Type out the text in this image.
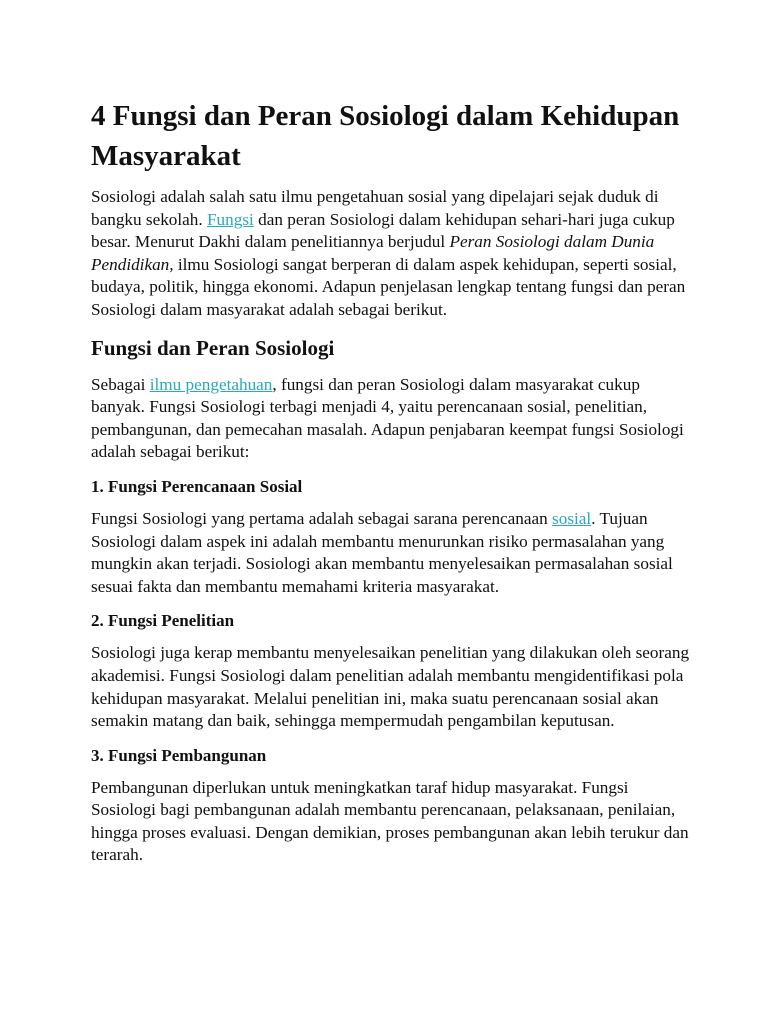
4 Fungsi dan Peran Sosiologi dalam Kehidupan Masyarakat

Sosiologi adalah salah satu ilmu pengetahuan sosial yang dipelajari sejak duduk di bangku sekolah. Fungsi dan peran Sosiologi dalam kehidupan sehari-hari juga cukup besar. Menurut Dakhi dalam penelitiannya berjudul Peran Sosiologi dalam Dunia Pendidikan, ilmu Sosiologi sangat berperan di dalam aspek kehidupan, seperti sosial, budaya, politik, hingga ekonomi. Adapun penjelasan lengkap tentang fungsi dan peran Sosiologi dalam masyarakat adalah sebagai berikut.

Fungsi dan Peran Sosiologi

Sebagai ilmu pengetahuan, fungsi dan peran Sosiologi dalam masyarakat cukup banyak. Fungsi Sosiologi terbagi menjadi 4, yaitu perencanaan sosial, penelitian, pembangunan, dan pemecahan masalah. Adapun penjabaran keempat fungsi Sosiologi adalah sebagai berikut:

1. Fungsi Perencanaan Sosial

Fungsi Sosiologi yang pertama adalah sebagai sarana perencanaan sosial. Tujuan Sosiologi dalam aspek ini adalah membantu menurunkan risiko permasalahan yang mungkin akan terjadi. Sosiologi akan membantu menyelesaikan permasalahan sosial sesuai fakta dan membantu memahami kriteria masyarakat.

2. Fungsi Penelitian

Sosiologi juga kerap membantu menyelesaikan penelitian yang dilakukan oleh seorang akademisi. Fungsi Sosiologi dalam penelitian adalah membantu mengidentifikasi pola kehidupan masyarakat. Melalui penelitian ini, maka suatu perencanaan sosial akan semakin matang dan baik, sehingga mempermudah pengambilan keputusan.

3. Fungsi Pembangunan

Pembangunan diperlukan untuk meningkatkan taraf hidup masyarakat. Fungsi Sosiologi bagi pembangunan adalah membantu perencanaan, pelaksanaan, penilaian, hingga proses evaluasi. Dengan demikian, proses pembangunan akan lebih terukur dan terarah.
